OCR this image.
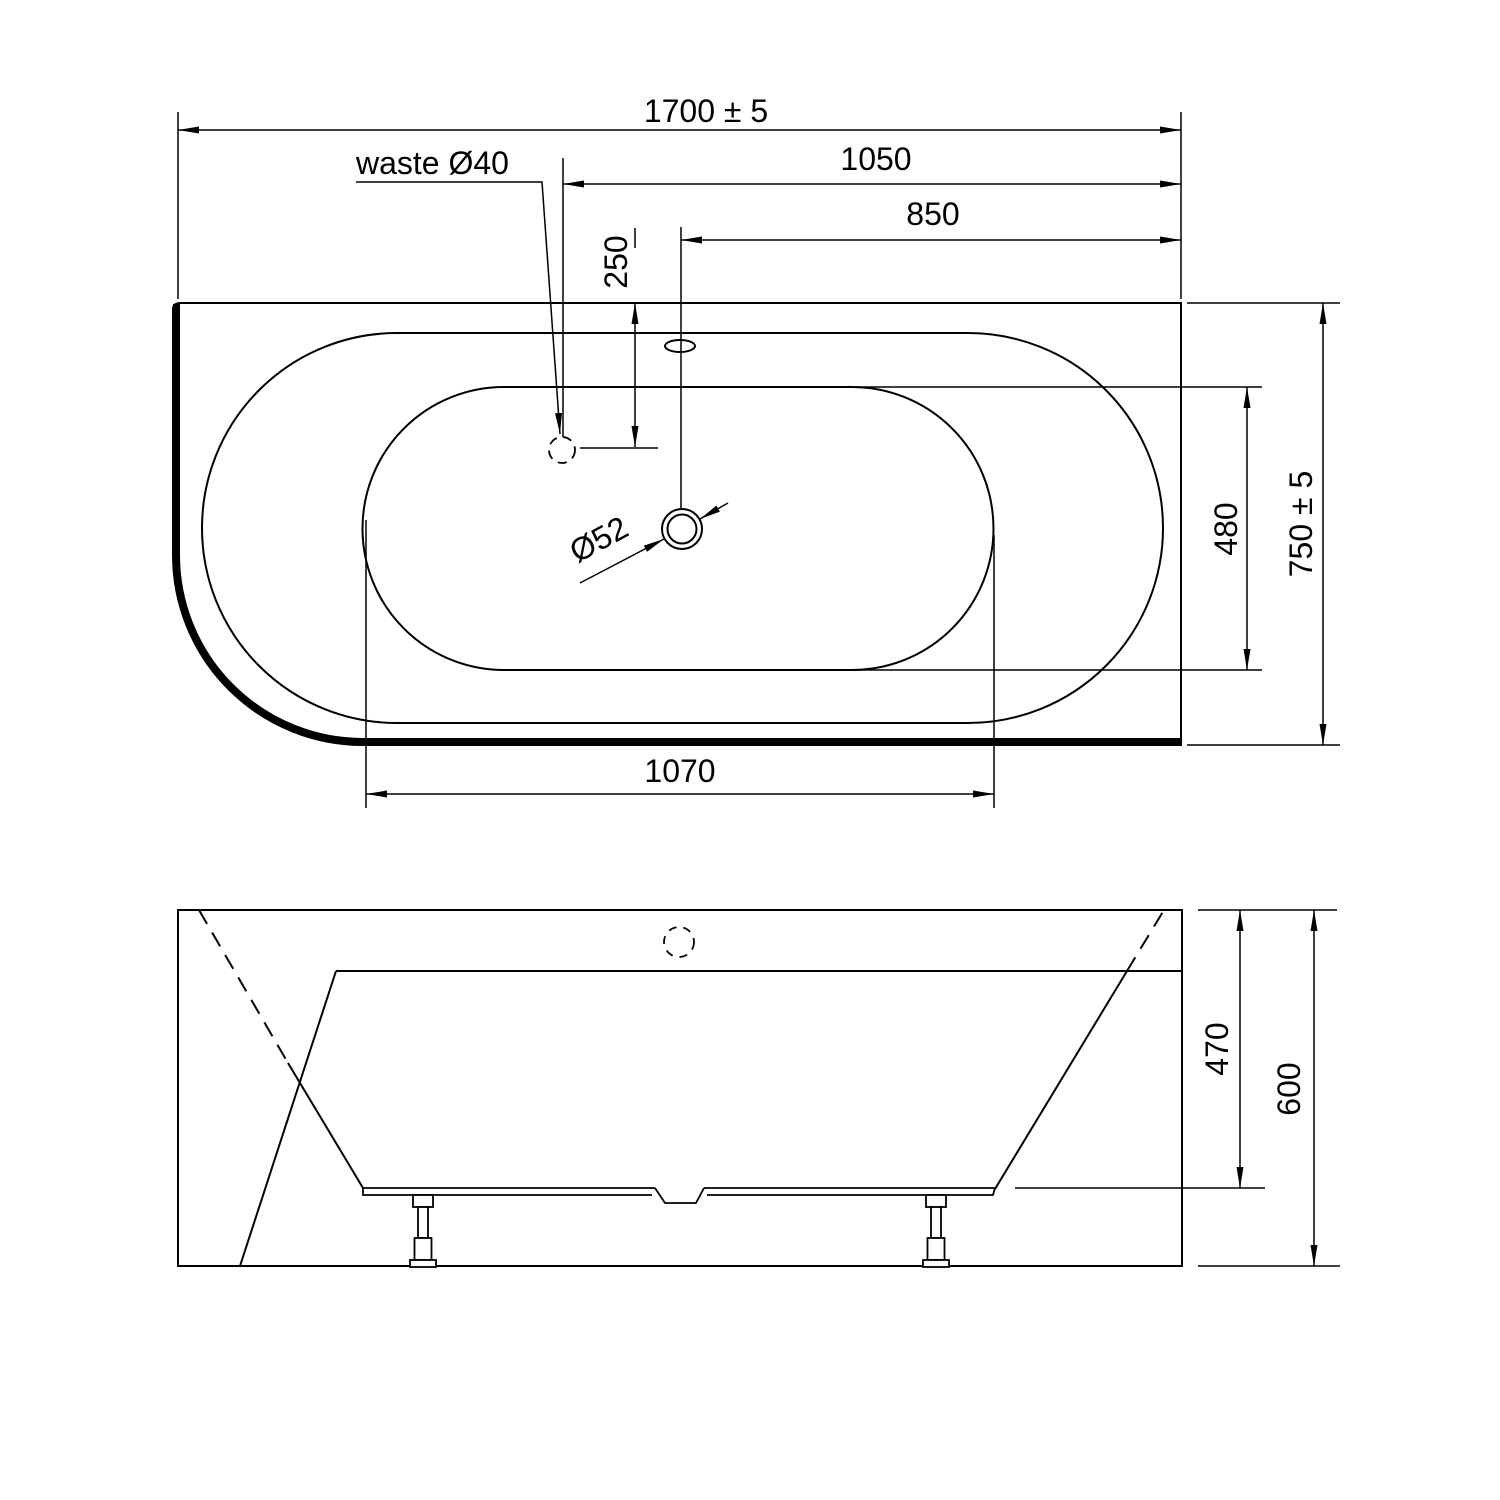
1700 ± 5
1050
850
waste Ø40
250
Ø52	480 750 ± 5
1070
470
600
